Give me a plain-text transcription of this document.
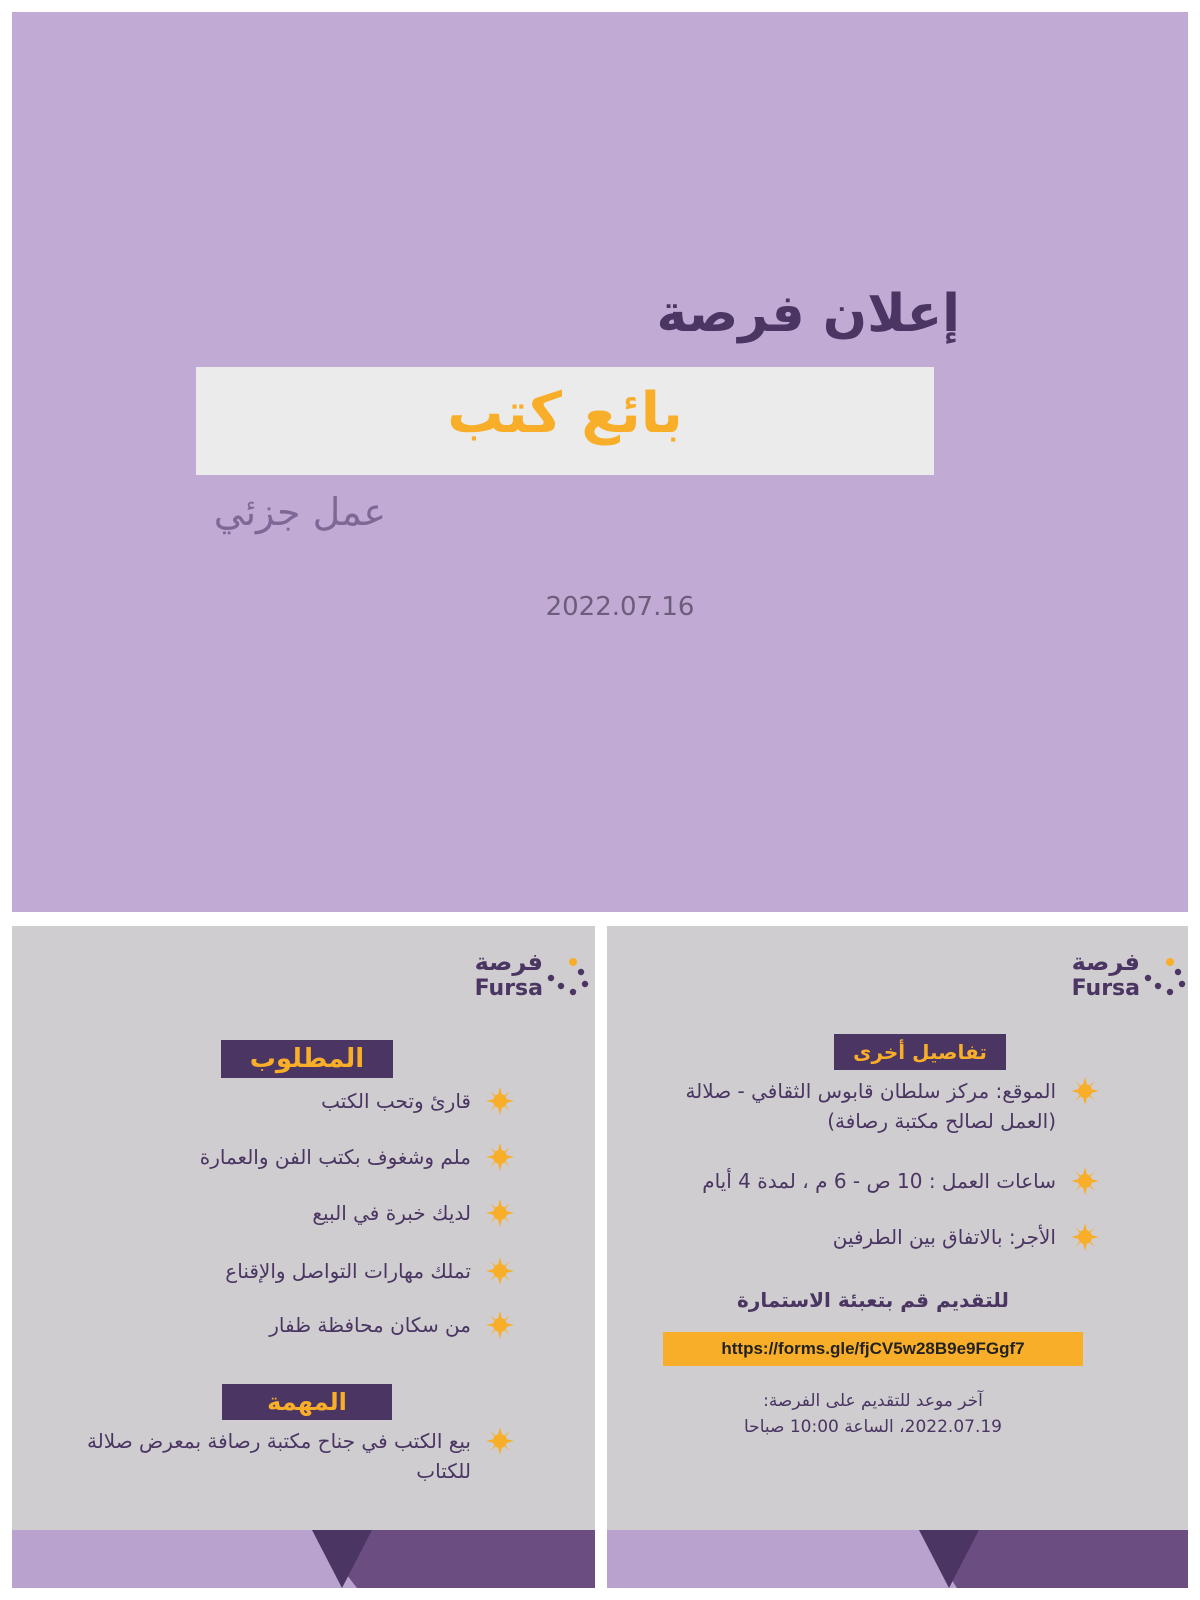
إعلان فرصة
بائع كتب
عمل جزئي
2022.07.16
فرصة
Fursa
المطلوب
قارئ وتحب الكتب
ملم وشغوف بكتب الفن والعمارة
لديك خبرة في البيع
تملك مهارات التواصل والإقناع
من سكان محافظة ظفار
المهمة
بيع الكتب في جناح مكتبة رصافة بمعرض صلالة للكتاب
فرصة
Fursa
تفاصيل أخرى
الموقع: مركز سلطان قابوس الثقافي - صلالة
(العمل لصالح مكتبة رصافة)
ساعات العمل : 10 ص - 6 م ، لمدة 4 أيام
الأجر: بالاتفاق بين الطرفين
للتقديم قم بتعبئة الاستمارة
https://forms.gle/fjCV5w28B9e9FGgf7
آخر موعد للتقديم على الفرصة:
2022.07.19، الساعة 10:00 صباحا
